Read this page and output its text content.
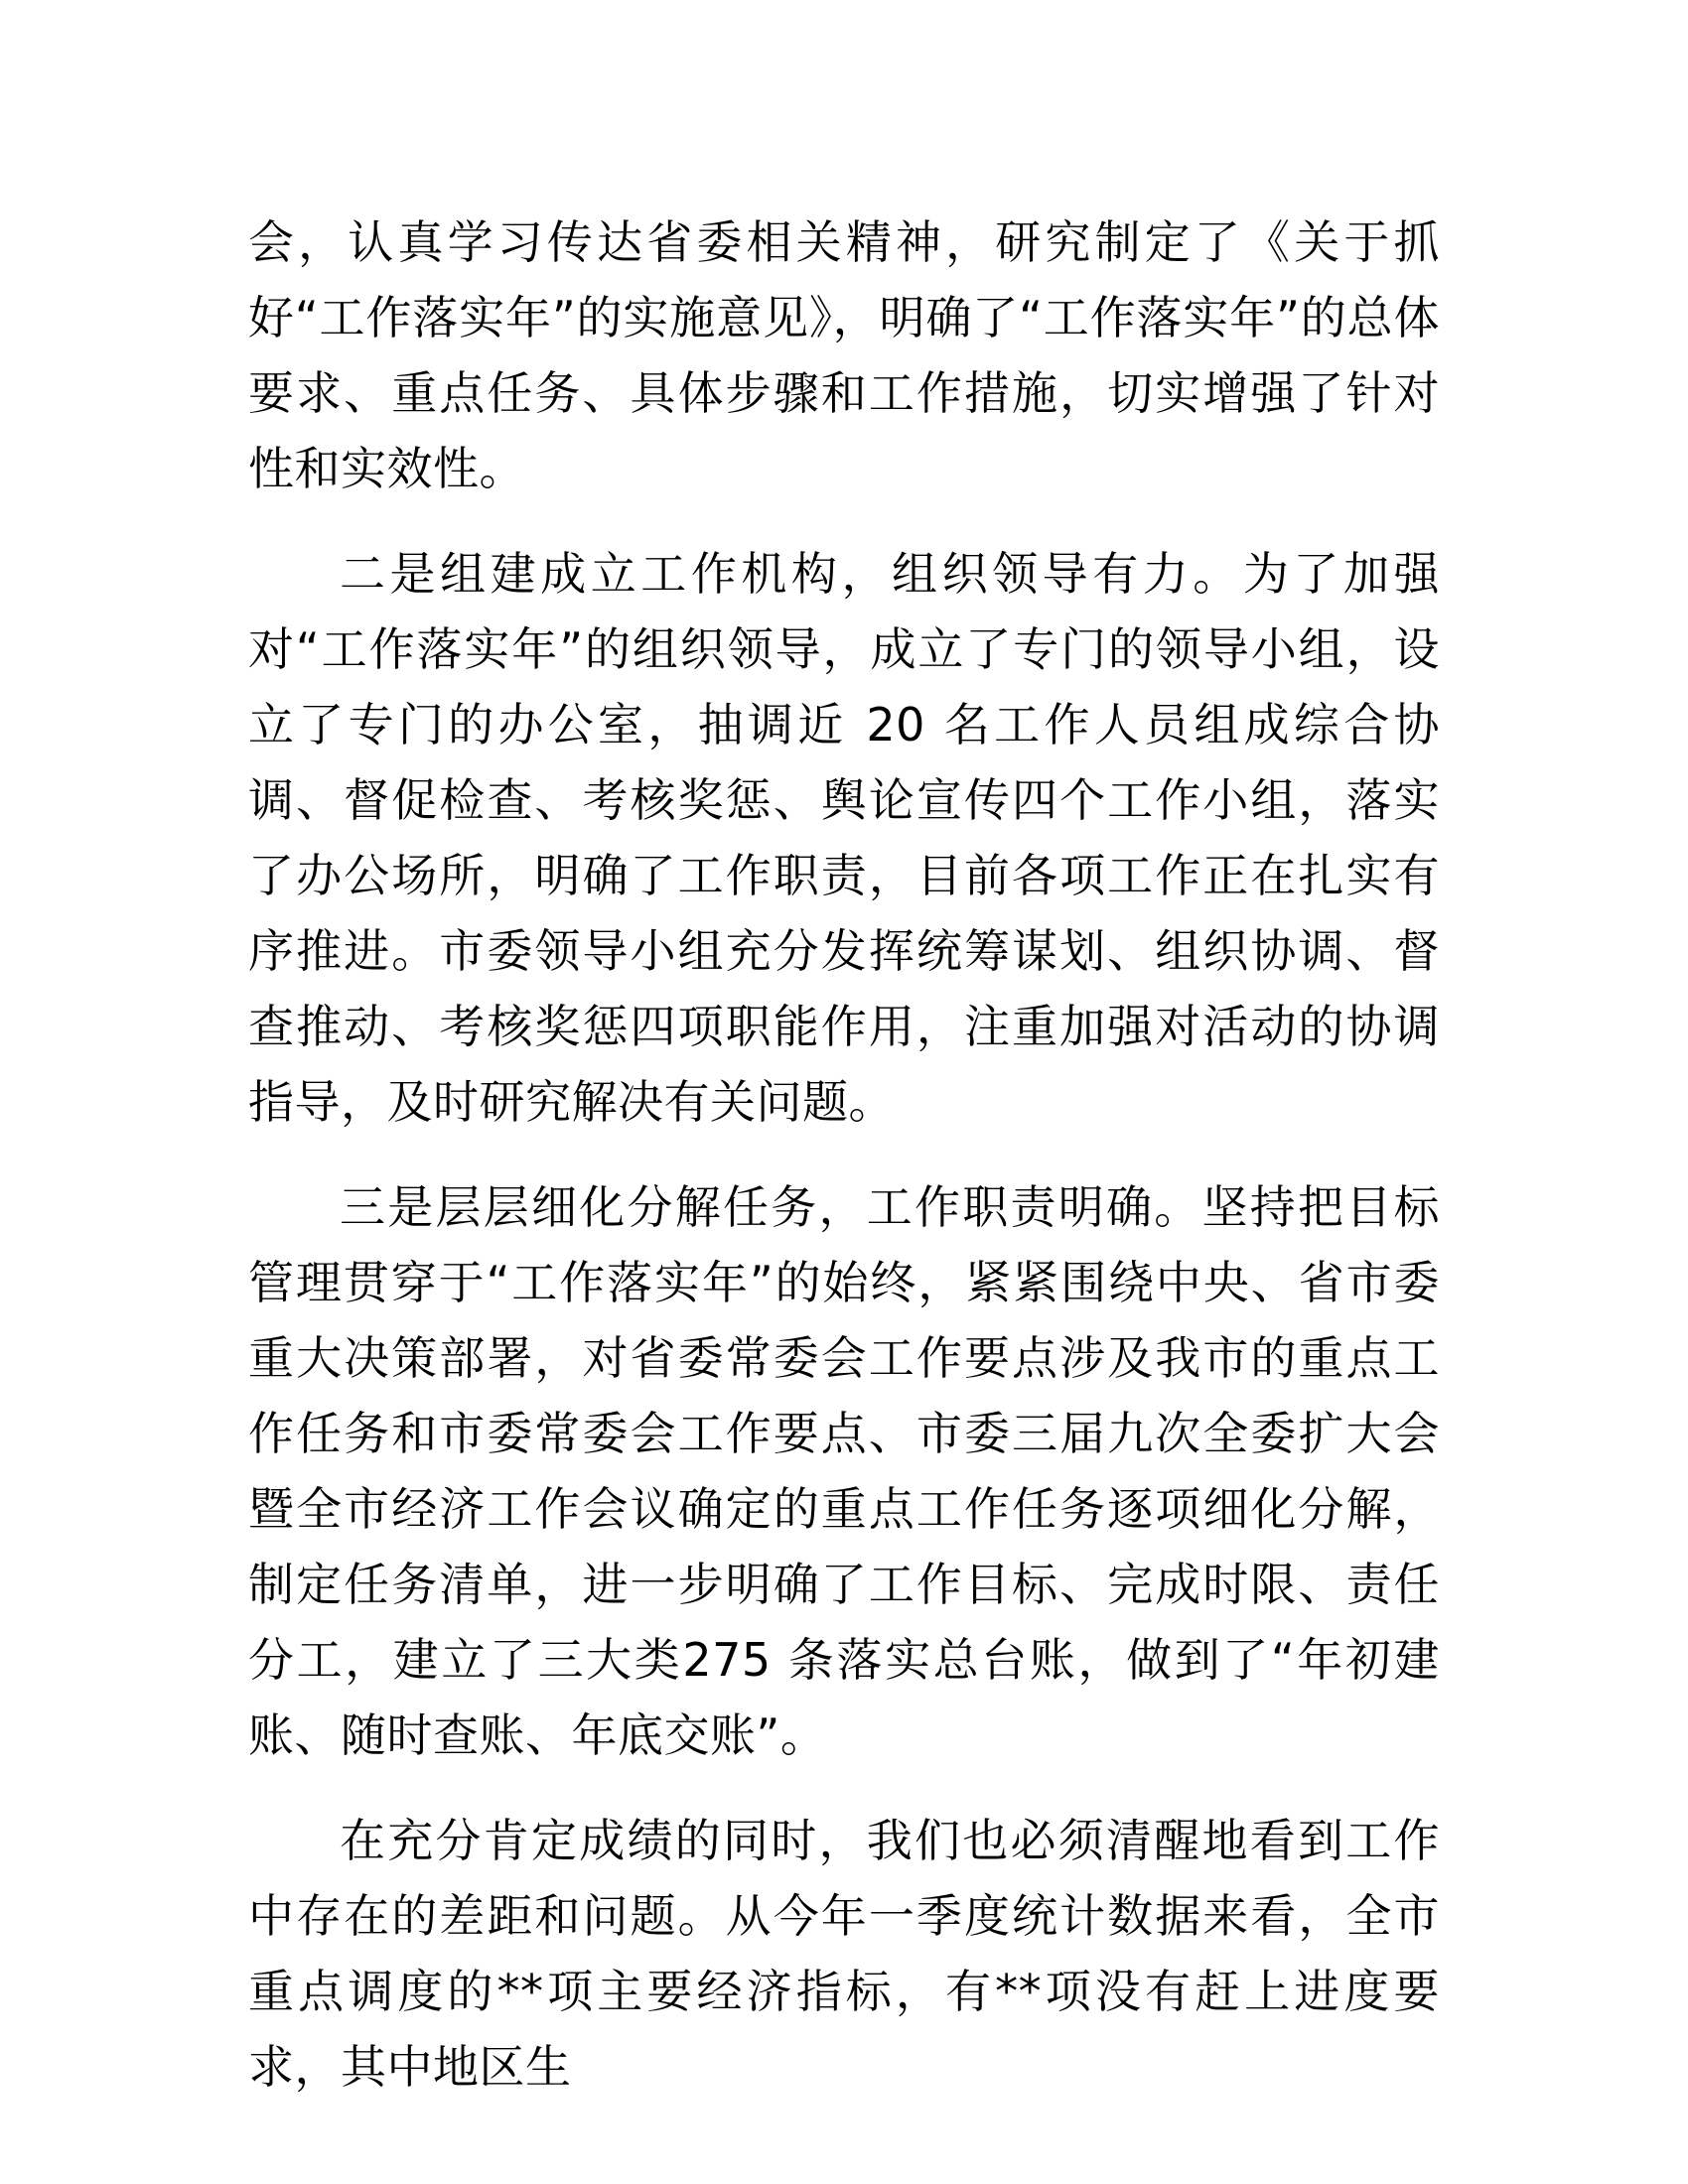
会，认真学习传达省委相关精神，研究制定了《关于抓好“工作落实年”的实施意见》，明确了“工作落实年”的总体要求、重点任务、具体步骤和工作措施，切实增强了针对性和实效性。

二是组建成立工作机构，组织领导有力。为了加强对“工作落实年”的组织领导，成立了专门的领导小组，设立了专门的办公室，抽调近 20 名工作人员组成综合协调、督促检查、考核奖惩、舆论宣传四个工作小组，落实了办公场所，明确了工作职责，目前各项工作正在扎实有序推进。市委领导小组充分发挥统筹谋划、组织协调、督查推动、考核奖惩四项职能作用，注重加强对活动的协调指导，及时研究解决有关问题。

三是层层细化分解任务，工作职责明确。坚持把目标管理贯穿于“工作落实年”的始终，紧紧围绕中央、省市委重大决策部署，对省委常委会工作要点涉及我市的重点工作任务和市委常委会工作要点、市委三届九次全委扩大会暨全市经济工作会议确定的重点工作任务逐项细化分解，制定任务清单，进一步明确了工作目标、完成时限、责任分工，建立了三大类275 条落实总台账，做到了“年初建账、随时查账、年底交账”。

在充分肯定成绩的同时，我们也必须清醒地看到工作中存在的差距和问题。从今年一季度统计数据来看，全市重点调度的**项主要经济指标，有**项没有赶上进度要求，其中地区生
